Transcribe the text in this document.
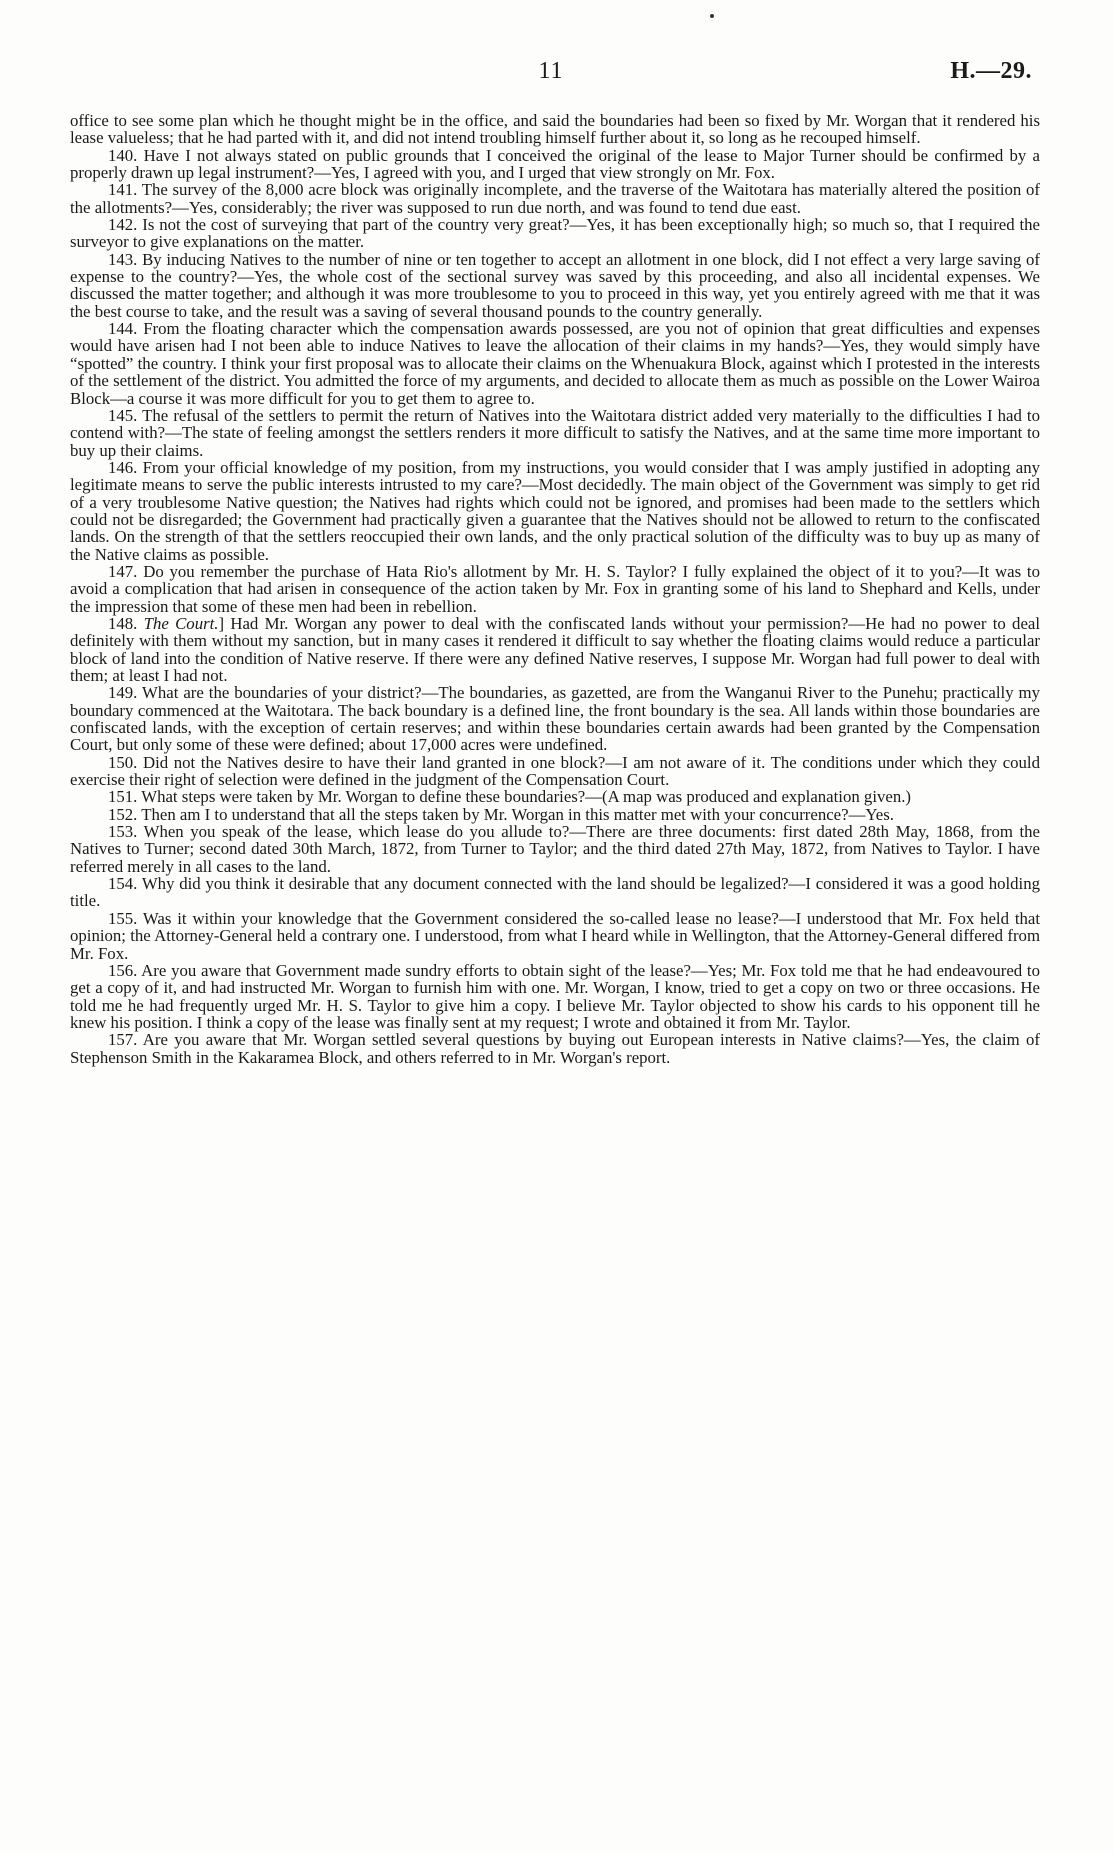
11	H.—29.

office to see some plan which he thought might be in the office, and said the boundaries had been so fixed by Mr. Worgan that it rendered his lease valueless; that he had parted with it, and did not intend troubling himself further about it, so long as he recouped himself.

140. Have I not always stated on public grounds that I conceived the original of the lease to Major Turner should be confirmed by a properly drawn up legal instrument?—Yes, I agreed with you, and I urged that view strongly on Mr. Fox.

141. The survey of the 8,000 acre block was originally incomplete, and the traverse of the Waitotara has materially altered the position of the allotments?—Yes, considerably; the river was supposed to run due north, and was found to tend due east.

142. Is not the cost of surveying that part of the country very great?—Yes, it has been exceptionally high; so much so, that I required the surveyor to give explanations on the matter.

143. By inducing Natives to the number of nine or ten together to accept an allotment in one block, did I not effect a very large saving of expense to the country?—Yes, the whole cost of the sectional survey was saved by this proceeding, and also all incidental expenses. We discussed the matter together; and although it was more troublesome to you to proceed in this way, yet you entirely agreed with me that it was the best course to take, and the result was a saving of several thousand pounds to the country generally.

144. From the floating character which the compensation awards possessed, are you not of opinion that great difficulties and expenses would have arisen had I not been able to induce Natives to leave the allocation of their claims in my hands?—Yes, they would simply have “spotted” the country. I think your first proposal was to allocate their claims on the Whenuakura Block, against which I protested in the interests of the settlement of the district. You admitted the force of my arguments, and decided to allocate them as much as possible on the Lower Wairoa Block—a course it was more difficult for you to get them to agree to.

145. The refusal of the settlers to permit the return of Natives into the Waitotara district added very materially to the difficulties I had to contend with?—The state of feeling amongst the settlers renders it more difficult to satisfy the Natives, and at the same time more important to buy up their claims.

146. From your official knowledge of my position, from my instructions, you would consider that I was amply justified in adopting any legitimate means to serve the public interests intrusted to my care?—Most decidedly. The main object of the Government was simply to get rid of a very troublesome Native question; the Natives had rights which could not be ignored, and promises had been made to the settlers which could not be disregarded; the Government had practically given a guarantee that the Natives should not be allowed to return to the confiscated lands. On the strength of that the settlers reoccupied their own lands, and the only practical solution of the difficulty was to buy up as many of the Native claims as possible.

147. Do you remember the purchase of Hata Rio's allotment by Mr. H. S. Taylor? I fully explained the object of it to you?—It was to avoid a complication that had arisen in consequence of the action taken by Mr. Fox in granting some of his land to Shephard and Kells, under the impression that some of these men had been in rebellion.

148. The Court.] Had Mr. Worgan any power to deal with the confiscated lands without your permission?—He had no power to deal definitely with them without my sanction, but in many cases it rendered it difficult to say whether the floating claims would reduce a particular block of land into the condition of Native reserve. If there were any defined Native reserves, I suppose Mr. Worgan had full power to deal with them; at least I had not.

149. What are the boundaries of your district?—The boundaries, as gazetted, are from the Wanganui River to the Punehu; practically my boundary commenced at the Waitotara. The back boundary is a defined line, the front boundary is the sea. All lands within those boundaries are confiscated lands, with the exception of certain reserves; and within these boundaries certain awards had been granted by the Compensation Court, but only some of these were defined; about 17,000 acres were undefined.

150. Did not the Natives desire to have their land granted in one block?—I am not aware of it. The conditions under which they could exercise their right of selection were defined in the judgment of the Compensation Court.

151. What steps were taken by Mr. Worgan to define these boundaries?—(A map was produced and explanation given.)

152. Then am I to understand that all the steps taken by Mr. Worgan in this matter met with your concurrence?—Yes.

153. When you speak of the lease, which lease do you allude to?—There are three documents: first dated 28th May, 1868, from the Natives to Turner; second dated 30th March, 1872, from Turner to Taylor; and the third dated 27th May, 1872, from Natives to Taylor. I have referred merely in all cases to the land.

154. Why did you think it desirable that any document connected with the land should be legalized?—I considered it was a good holding title.

155. Was it within your knowledge that the Government considered the so-called lease no lease?—I understood that Mr. Fox held that opinion; the Attorney-General held a contrary one. I understood, from what I heard while in Wellington, that the Attorney-General differed from Mr. Fox.

156. Are you aware that Government made sundry efforts to obtain sight of the lease?—Yes; Mr. Fox told me that he had endeavoured to get a copy of it, and had instructed Mr. Worgan to furnish him with one. Mr. Worgan, I know, tried to get a copy on two or three occasions. He told me he had frequently urged Mr. H. S. Taylor to give him a copy. I believe Mr. Taylor objected to show his cards to his opponent till he knew his position. I think a copy of the lease was finally sent at my request; I wrote and obtained it from Mr. Taylor.

157. Are you aware that Mr. Worgan settled several questions by buying out European interests in Native claims?—Yes, the claim of Stephenson Smith in the Kakaramea Block, and others referred to in Mr. Worgan's report.
